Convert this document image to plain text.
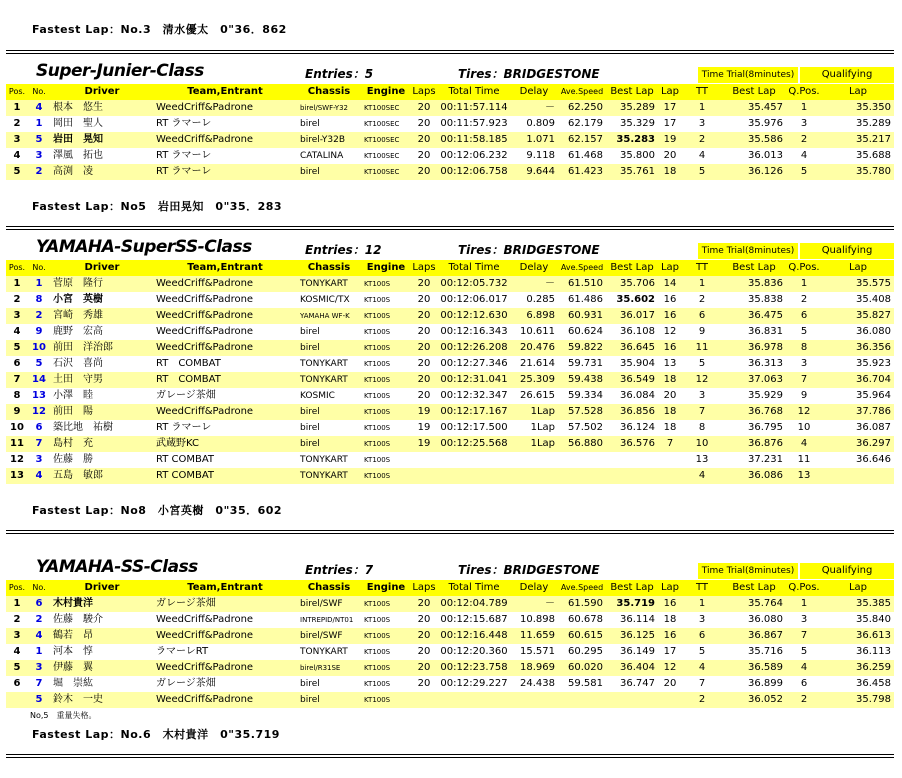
Fastest Lap：No.3　清水優太　0"36．862
Super-Junier-Class	Entries：5	Tires：BRIDGESTONE	Time Trial(8minutes)	Qualifying
Pos.	No.	Driver	Team,Entrant	Chassis	Engine	Laps	Total Time	Delay	Ave.Speed	Best Lap	Lap	TT	Best Lap	Q.Pos.	Lap
1	4	根本　悠生	WeedCriff&Padrone	birel/SWF-Y32	KT100SEC	20	00:11:57.114	－	62.250	35.289	17	1	35.457	1	35.350
2	1	岡田　聖人	RT ラマーレ	birel	KT100SEC	20	00:11:57.923	0.809	62.179	35.329	17	3	35.976	3	35.289
3	5	岩田　晃知	WeedCriff&Padrone	birel-Y32B	KT100SEC	20	00:11:58.185	1.071	62.157	35.283	19	2	35.586	2	35.217
4	3	澤風　拓也	RT ラマーレ	CATALINA	KT100SEC	20	00:12:06.232	9.118	61.468	35.800	20	4	36.013	4	35.688
5	2	高渕　凌	RT ラマーレ	birel	KT100SEC	20	00:12:06.758	9.644	61.423	35.761	18	5	36.126	5	35.780
Fastest Lap：No5　岩田晃知　0"35．283
YAMAHA-SuperSS-Class	Entries：12	Tires：BRIDGESTONE	Time Trial(8minutes)	Qualifying
Pos.	No.	Driver	Team,Entrant	Chassis	Engine	Laps	Total Time	Delay	Ave.Speed	Best Lap	Lap	TT	Best Lap	Q.Pos.	Lap
1	1	菅原　隆行	WeedCriff&Padrone	TONYKART	KT100S	20	00:12:05.732	－	61.510	35.706	14	1	35.836	1	35.575
2	8	小宮　英樹	WeedCriff&Padrone	KOSMIC/TX	KT100S	20	00:12:06.017	0.285	61.486	35.602	16	2	35.838	2	35.408
3	2	宮崎　秀雄	WeedCriff&Padrone	YAMAHA WF-K	KT100S	20	00:12:12.630	6.898	60.931	36.017	16	6	36.475	6	35.827
4	9	鹿野　宏高	WeedCriff&Padrone	birel	KT100S	20	00:12:16.343	10.611	60.624	36.108	12	9	36.831	5	36.080
5	10	前田　洋治郎	WeedCriff&Padrone	birel	KT100S	20	00:12:26.208	20.476	59.822	36.645	16	11	36.978	8	36.356
6	5	石沢　喜尚	RT　COMBAT	TONYKART	KT100S	20	00:12:27.346	21.614	59.731	35.904	13	5	36.313	3	35.923
7	14	土田　守男	RT　COMBAT	TONYKART	KT100S	20	00:12:31.041	25.309	59.438	36.549	18	12	37.063	7	36.704
8	13	小澤　睦	ガレージ茶畑	KOSMIC	KT100S	20	00:12:32.347	26.615	59.334	36.084	20	3	35.929	9	35.964
9	12	前田　陽	WeedCriff&Padrone	birel	KT100S	19	00:12:17.167	1Lap	57.528	36.856	18	7	36.768	12	37.786
10	6	築比地　祐樹	RT ラマーレ	birel	KT100S	19	00:12:17.500	1Lap	57.502	36.124	18	8	36.795	10	36.087
11	7	島村　充	武蔵野KC	birel	KT100S	19	00:12:25.568	1Lap	56.880	36.576	7	10	36.876	4	36.297
12	3	佐藤　勝	RT COMBAT	TONYKART	KT100S							13	37.231	11	36.646
13	4	五島　敏郎	RT COMBAT	TONYKART	KT100S							4	36.086	13	
Fastest Lap：No8　小宮英樹　0"35．602
YAMAHA-SS-Class	Entries：7	Tires：BRIDGESTONE	Time Trial(8minutes)	Qualifying
Pos.	No.	Driver	Team,Entrant	Chassis	Engine	Laps	Total Time	Delay	Ave.Speed	Best Lap	Lap	TT	Best Lap	Q.Pos.	Lap
1	6	木村貴洋	ガレージ茶畑	birel/SWF	KT100S	20	00:12:04.789	－	61.590	35.719	16	1	35.764	1	35.385
2	2	佐藤　駿介	WeedCriff&Padrone	INTREPID/NT01	KT100S	20	00:12:15.687	10.898	60.678	36.114	18	3	36.080	3	35.840
3	4	鶴若　昂	WeedCriff&Padrone	birel/SWF	KT100S	20	00:12:16.448	11.659	60.615	36.125	16	6	36.867	7	36.613
4	1	河本　惇	ラマーレRT	TONYKART	KT100S	20	00:12:20.360	15.571	60.295	36.149	17	5	35.716	5	36.113
5	3	伊藤　翼	WeedCriff&Padrone	birel/R31SE	KT100S	20	00:12:23.758	18.969	60.020	36.404	12	4	36.589	4	36.259
6	7	堀　崇紘	ガレージ茶畑	birel	KT100S	20	00:12:29.227	24.438	59.581	36.747	20	7	36.899	6	36.458
	5	鈴木　一史	WeedCriff&Padrone	birel	KT100S							2	36.052	2	35.798
No,5　重量失格。
Fastest Lap：No.6　木村貴洋　0"35.719
